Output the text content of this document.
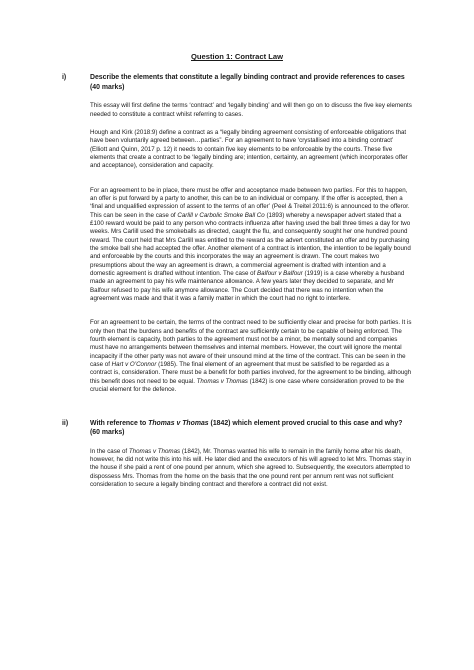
Question 1: Contract Law
i)	Describe the elements that constitute a legally binding contract and provide references to cases (40 marks)

This essay will first define the terms ‘contract’ and ‘legally binding’ and will then go on to discuss the five key elements needed to constitute a contract whilst referring to cases.

Hough and Kirk (2018:9) define a contract as a “legally binding agreement consisting of enforceable obligations that have been voluntarily agreed between…parties”. For an agreement to have ‘crystallised into a binding contract’ (Elliott and Quinn, 2017 p. 12) it needs to contain five key elements to be enforceable by the courts. These five elements that create a contract to be ‘legally binding are; intention, certainty, an agreement (which incorporates offer and acceptance), consideration and capacity.

For an agreement to be in place, there must be offer and acceptance made between two parties. For this to happen, an offer is put forward by a party to another, this can be to an individual or company. If the offer is accepted, then a ‘final and unqualified expression of assent to the terms of an offer’ (Peel & Treitel 2011:6) is announced to the offeror. This can be seen in the case of Carlill v Carbolic Smoke Ball Co (1893) whereby a newspaper advert stated that a £100 reward would be paid to any person who contracts influenza after having used the ball three times a day for two weeks. Mrs Carlill used the smokeballs as directed, caught the flu, and consequently sought her one hundred pound reward. The court held that Mrs Carlill was entitled to the reward as the advert constituted an offer and by purchasing the smoke ball she had accepted the offer. Another element of a contract is intention, the intention to be legally bound and enforceable by the courts and this incorporates the way an agreement is drawn. The court makes two presumptions about the way an agreement is drawn, a commercial agreement is drafted with intention and a domestic agreement is drafted without intention. The case of Balfour v Balfour (1919) is a case whereby a husband made an agreement to pay his wife maintenance allowance. A few years later they decided to separate, and Mr Balfour refused to pay his wife anymore allowance. The Court decided that there was no intention when the agreement was made and that it was a family matter in which the court had no right to interfere.

For an agreement to be certain, the terms of the contract need to be sufficiently clear and precise for both parties. It is only then that the burdens and benefits of the contract are sufficiently certain to be capable of being enforced. The fourth element is capacity, both parties to the agreement must not be a minor, be mentally sound and companies must have no arrangements between themselves and internal members. However, the court will ignore the mental incapacity if the other party was not aware of their unsound mind at the time of the contract. This can be seen in the case of Hart v O’Connor (1985). The final element of an agreement that must be satisfied to be regarded as a contract is, consideration. There must be a benefit for both parties involved, for the agreement to be binding, although this benefit does not need to be equal. Thomas v Thomas (1842) is one case where consideration proved to be the crucial element for the defence.

ii)	With reference to Thomas v Thomas (1842) which element proved crucial to this case and why? (60 marks)

In the case of Thomas v Thomas (1842), Mr. Thomas wanted his wife to remain in the family home after his death, however, he did not write this into his will. He later died and the executors of his will agreed to let Mrs. Thomas stay in the house if she paid a rent of one pound per annum, which she agreed to. Subsequently, the executors attempted to dispossess Mrs. Thomas from the home on the basis that the one pound rent per annum rent was not sufficient consideration to secure a legally binding contract and therefore a contract did not exist.
